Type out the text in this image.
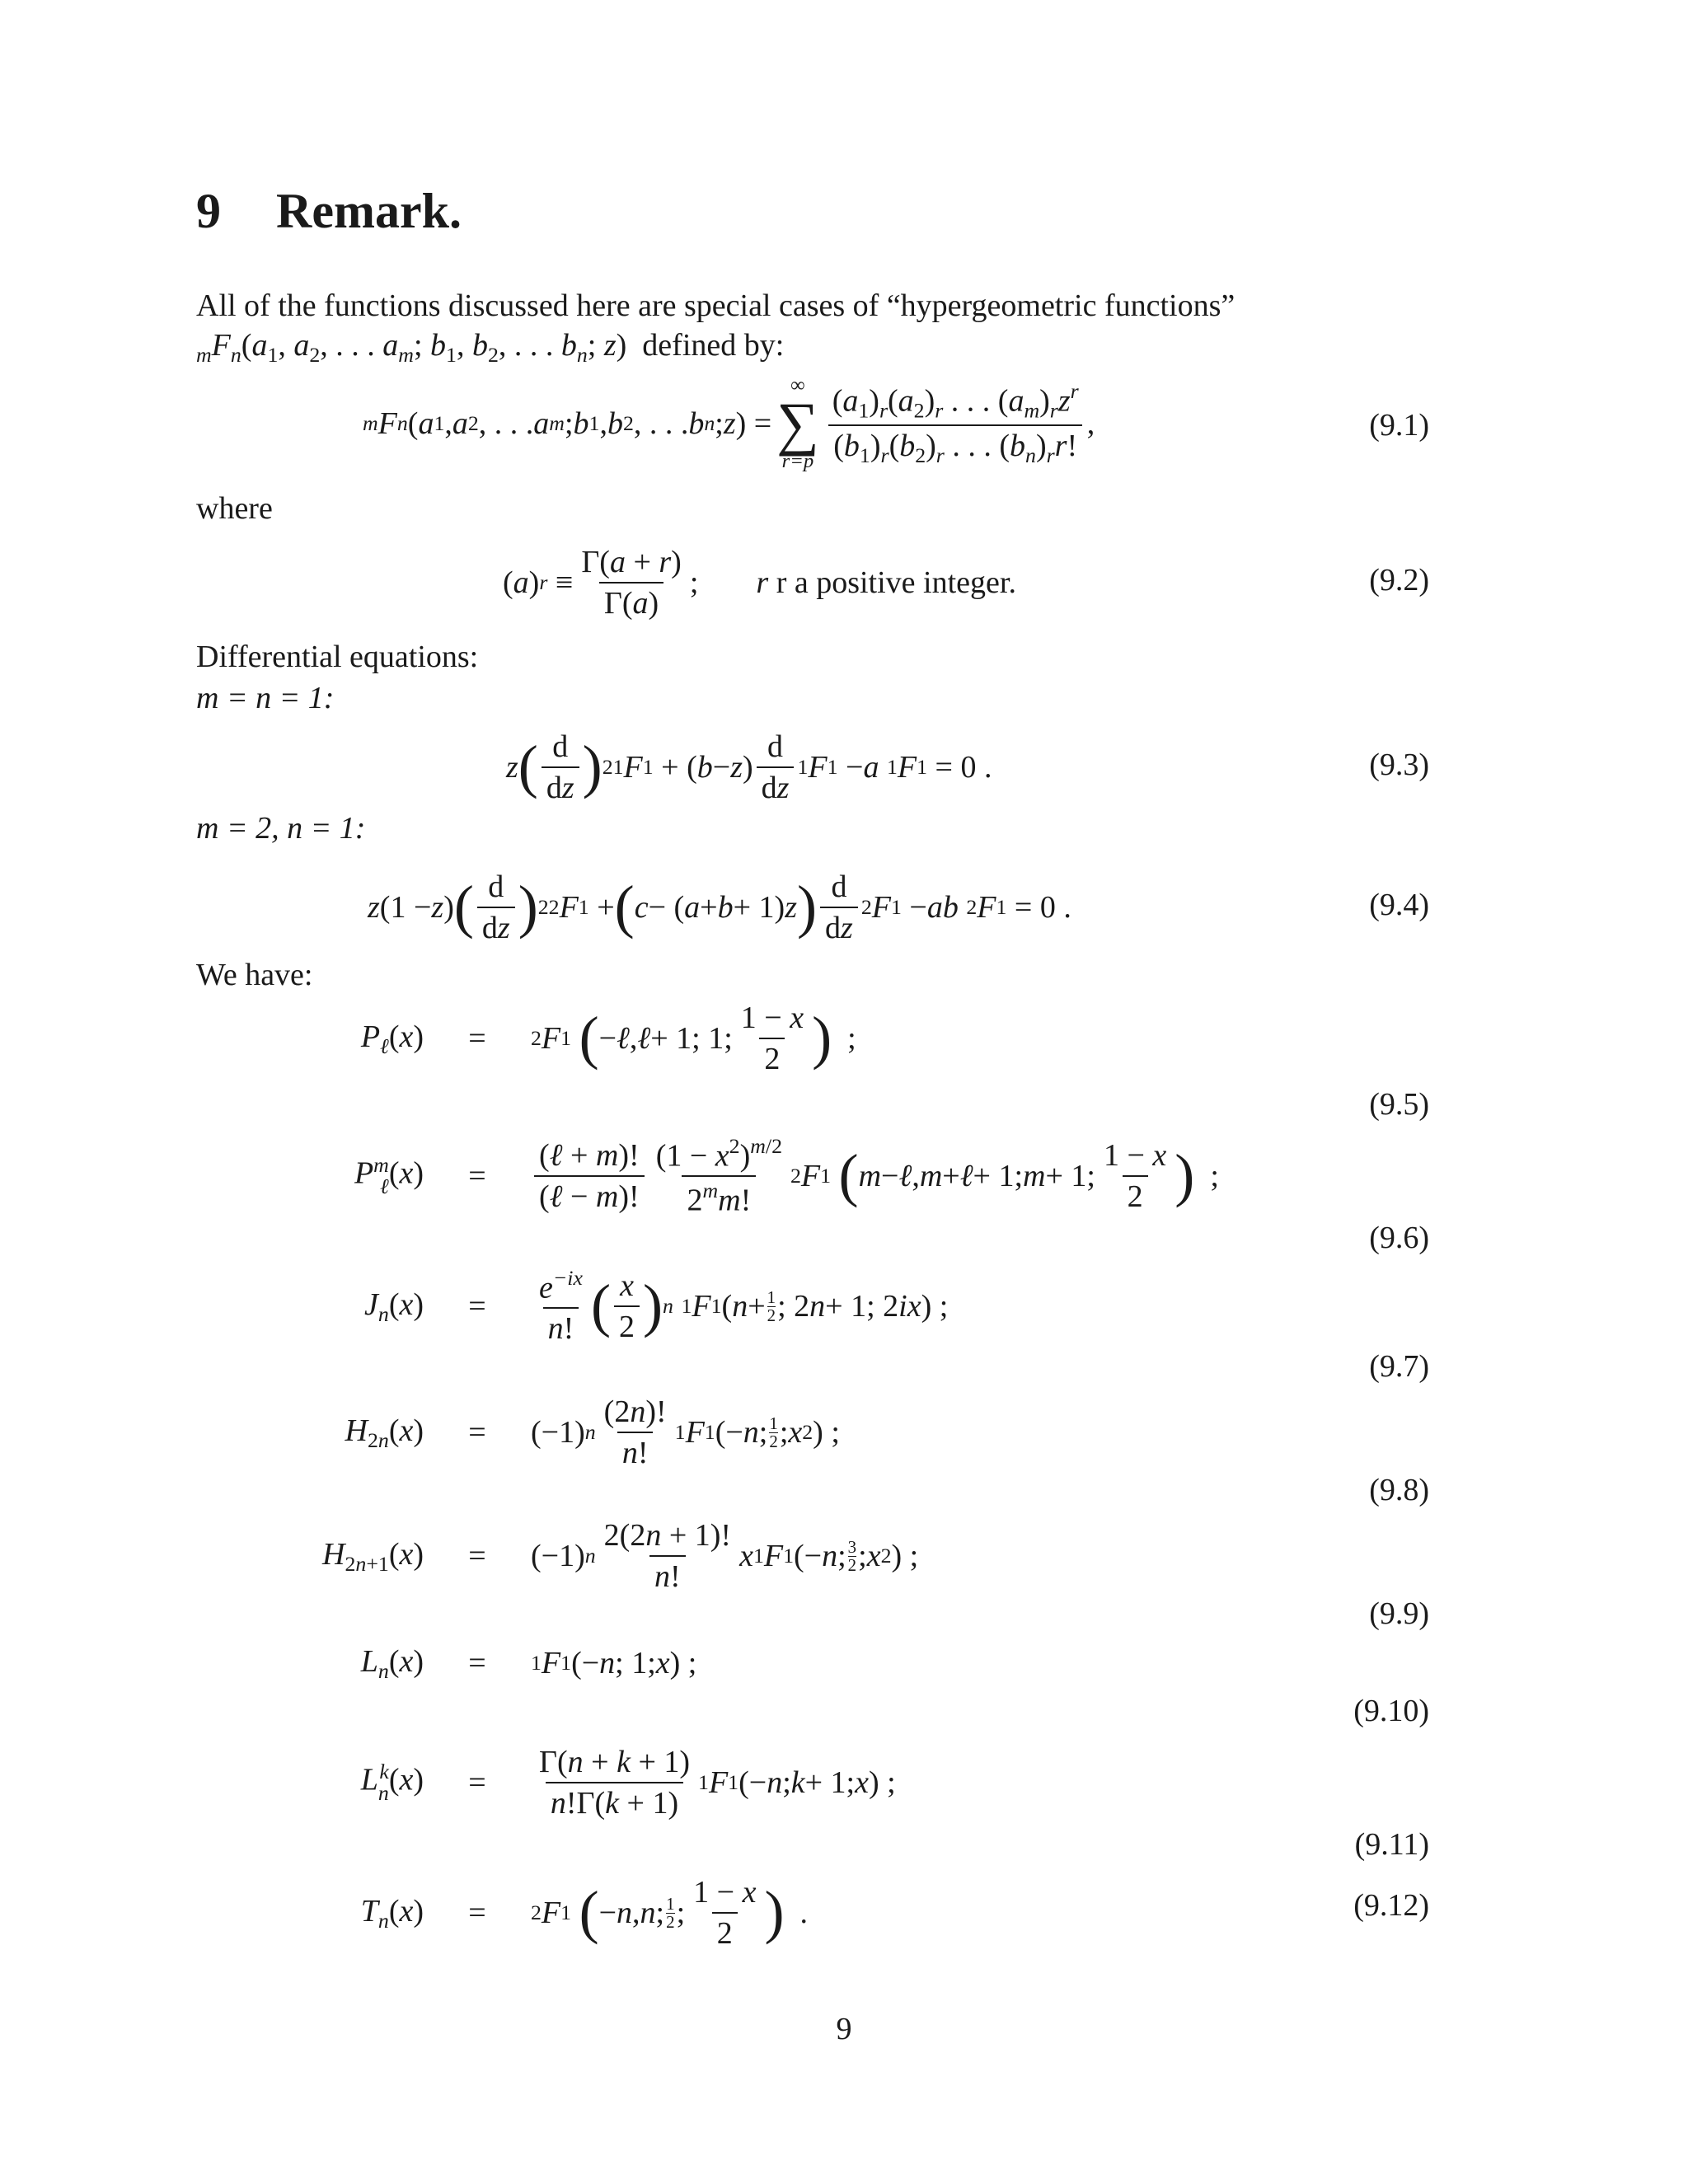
9 Remark.
All of the functions discussed here are special cases of “hypergeometric functions”
$_mF_n(a_1$, $a_2$, . . . $a_m$; $b_1$, $b_2$, . . . $b_n$; z)  defined by:
m F n ( a 1 , a 2 , . . . a m ; b 1 , b 2 , . . . b n ; z ) =
∞
∑
$r=p \frac{(a_1)_r(a_2)_r . . . (a_m)_rz^r}{(b_1)_r(b_2)_r . . . (b_n)_rr!}$ ,	(9.1)
where
( a ) $r \equiv \frac{\Gamma(a + r)}{\Gamma(a)}$ ; r
r a positive integer.	(9.2)
Differential equations:
m = n = 1:
z ( $\frac{d}{dz}$ ) 2 1 F 1 + ( b − z ) $\frac{d}{dz} 1$ F 1 − a
1 F 1 = 0 .	(9.3)
m = 2, n = 1:
z (1 − z ) ( $\frac{d}{dz}$ ) 2 2 F 1 + ( c − ( a + b + 1) z ) $\frac{d}{dz} 2$ F 1 − ab
2 F 1 = 0 .	(9.4)
We have:
$P_\ell(x)$	=	2 F 1
( − ℓ , ℓ + 1; 1; $\frac{1 - x}{2}$ ) ;
(9.5)
P m
ℓ (x)	=	$\frac{\text{(ℓ + m)!}}{\text{(ℓ − m)!}} \frac{(1 - x^2)^{m/2}}{2^mm!} 2$ F 1
( m − ℓ , m + ℓ + 1; m + 1; $\frac{1 - x}{2}$ ) ;
(9.6)
$J_n(x)$	=	$\frac{e^{-ix}}{n!}$ ( $\frac{x}{2}$ ) n
1 F 1 ( n + 1
2 ; 2 n + 1; 2 ix ) ;
(9.7)
$H_{2n}(x)$	=	(−1) n $\frac{(2n)!}{n!} 1$ F 1 (− n ; 1
2 ; x 2 ) ;
(9.8)
$H_{2n+1}(x)$	=	(−1) n $\frac{2(2n + 1)!}{n!}$ x 1 F 1 (− n ; 3
2 ; x 2 ) ;
(9.9)
$L_n(x)$	=	1 F 1 (− n ; 1; x ) ;
(9.10)
L k
n (x)	=	$\frac{\Gamma(n + k + 1)}{n!\Gamma(k + 1)} 1$ F 1 (− n ; k + 1; x ) ;
(9.11)
$T_n(x)$	=	2 F 1
( − n , n ; 1
2 ; $\frac{1 - x}{2}$ ) .	(9.12)
9
